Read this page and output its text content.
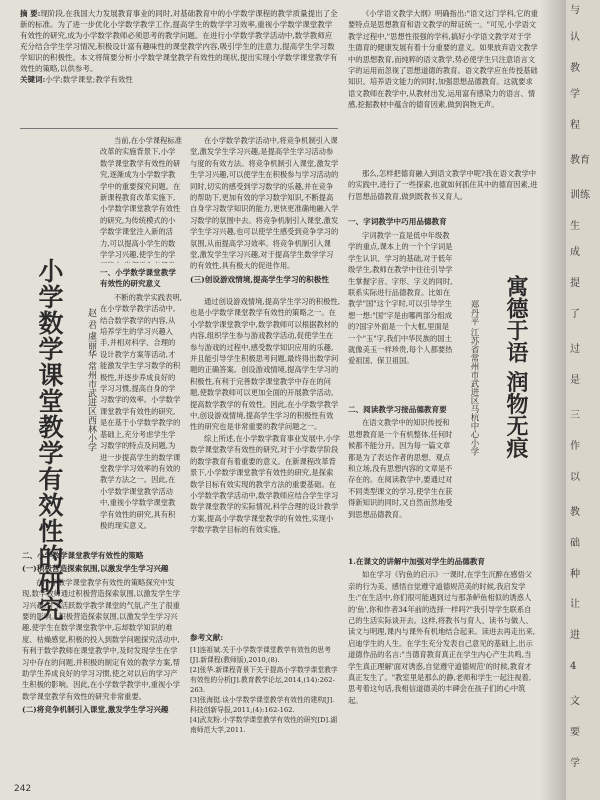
摘 要:现阶段,在我国大力发展教育事业的同时,对基础教育中的小学数学课程的教学质量提出了全新的标准。为了进一步优化小学数学教学工作,提高学生的数学学习效率,重视小学数学课堂教学有效性的研究,成为小学数学教师必须思考的教学问题。在进行小学数学教学活动中,数学教师应充分结合学生学习情况,积极设计富有趣味性的课堂教学内容,吸引学生的注意力,提高学生学习数学知识的积极性。本文将简要分析小学数学课堂教学有效性的现状,提出实现小学数学课堂教学有效性的策略,以供参考。

关键词:小学;数学课堂;教学有效性

当前,在小学课程标准改革的实施背景下,小学数学课堂教学有效性的研究,逐渐成为小学数学教学中的重要探究问题。在新课程教育改革实施下,小学数学课堂教学有效性的研究,为传统模式的小学数学课堂注入新的活力,可以提高小学生的数学学习兴趣,使学生的学

小学数学课堂教学有效性的研究	赵 君 虞丽华 常州市武进区西林小学
一、小学数学课堂教学有效性的研究意义

不断的教学实践表明,在小学数学教学活动中,结合数学教学的内容,从培养学生的学习兴趣入手,并相对科学、合理的设计教学方案等活动,才能激发学生学习数学的积极性,并逐步养成良好的学习习惯,提高自身的学习数学的效率。小学数学课堂教学有效性的研究,是在基于小学数学教学的基础上,充分考虑学生学习数学的特点及问题,为进一步提高学生的数学课堂教学学习效率的有效的教学方法之一。因此,在小学数学课堂教学活动中,重视小学数学课堂教学有效性的研究,具有积极的现实意义。

二、小学数学课堂教学有效性的策略
(一)积极营造探索氛围,以激发学生学习兴趣

在小学数学课堂教学有效性的策略探究中发现,数学教师通过积极营造探索氛围,以激发学生学习兴趣,对于活跃数学教学课堂的气氛,产生了很重要的影响。积极营造探索氛围,以激发学生学习兴趣,使学生在数学课堂教学中,忘却数学知识的难度、枯燥感觉,积极的投入到数学问题探究活动中,有利于数学教师在课堂教学中,及时发现学生在学习中存在的问题,并积极的制定有效的教学方案,帮助学生养成良好的学习习惯,使之对以后的学习产生积极的影响。因此,在小学数学教学中,重视小学数学课堂教学有效性的研究非常重要。

(二)将竞争机制引入课堂,激发学生学习兴趣

在小学数学教学活动中,将竞争机制引入课堂,激发学生学习兴趣,是提高学生学习活动参与度的有效方法。将竞争机制引入课堂,激发学生学习兴趣,可以使学生在积极参与学习活动的同时,切实的感受到学习数学的乐趣,并在竞争的帮助下,更加有效的学习数学知识,不断提高自身学习数学知识的能力,更快更准确地融入学习数学的氛围中去。将竞争机制引入课堂,激发学生学习兴趣,也可以使学生感受到竞争学习的氛围,从而提高学习效率。将竞争机制引入课堂,激发学生学习兴趣,对于提高学生数学学习的有效性,具有极大的促进作用。

(三)创设游戏情境,提高学生学习的积极性

通过创设游戏情境,提高学生学习的积极性,也是小学数学课堂教学有效性的策略之一。在小学数学课堂教学中,数学教师可以根据教材的内容,组织学生参与游戏教学活动,促使学生在参与游戏的过程中,感受数学知识应用的乐趣,并且能引导学生积极思考问题,最终得出数学问题的正确答案。创设游戏情境,提高学生学习的积极性,有利于完善数学课堂教学中存在的问题,使数学教师可以更加全面的开展教学活动,提高数学教学的有效性。因此,在小学数学教学中,创设游戏情境,提高学生学习的积极性有效性的研究也是非常重要的教学问题之一。

综上所述,在小学数学教育事业发展中,小学数学课堂教学有效性的研究,对于小学数学阶段的数学教育有着重要的意义。在新课程改革背景下,小学数学课堂教学有效性的研究,是探索数学目标有效实现的教学方法的重要基础。在小学数学教学活动中,数学教师应结合学生学习数学课堂教学的实际情况,科学合理的设计教学方案,提高小学数学课堂教学的有效性,实现小学数学教学目标的有效实施。

参考文献:

[1]连祖斌.关于小学数学课堂教学有效性的思考[J].新课程(教师版),2010,(8).

[2]张华.新课程背景下关于提高小学数学课堂教学有效性的分析[J].教育教学论坛,2014,(14):262-263.

[3]张海挺.谈小学数学课堂教学有效性的建构[J].科技创新导报,2011,(4):162-162.

[4]武友粉.小学数学课堂教学有效性的研究[D].湖南师范大学,2011.

《小学语文教学大纲》明确指出:"语文这门学科,它的重要特点是思想教育和语文教学的辩证统一。"可见,小学语文教学过程中,"思想性很强的学科,搞好小学语文教学对于学生德育的健康发展有着十分重要的意义。如果放弃语文教学中的思想教育,而纯粹的语文教学,势必使学生只注意语言文字的运用而忽视了思想道德的教育。语文教学应在传授基础知识、培养语文能力的同时,加强思想品德教育。这就要求语文教师在教学中,从教材出发,运用富有感染力的语言、情感,挖掘教材中蕴含的德育因素,做到润物无声。

那么,怎样把德育融入到语文教学中呢?我在语文教学中的实践中,进行了一些探索,也就如何抓住其中的德育因素,进行思想品德教育,做到既教书又育人。

一、字词教学中巧用品德教育

字词教学一直是低中年级教学的重点,课本上的一个个字词是学生认识、学习的基础,对于低年级学生,教师在教学中往往引导学生掌握字音、字形、字义的同时,联系实际进行品德教育。比如在教学"国"这个字时,可以引导学生想一想:"国"字是由哪两部分组成的?国字外面是一个大框,里面是一个"玉"字,我们中华民族的国土就像美玉一样珍贵,每个人都要热爱祖国、保卫祖国。	寓德于语 润物无痕
郑丹平 江苏省常州市武进区马杭中心小学
二、阅读教学习接品德教育要

在语文教学中的知识传授和思想教育是一个有机整体,任何时候都不能分开。因为每一篇文章都是为了表达作者的思想、观点和立场,没有思想内容的文章是不存在的。在阅读教学中,要通过对不同类型课文的学习,使学生在获得新知识的同时,又自然而然地受到思想品德教育。

1.在课文的讲解中加强对学生的品德教育

如在学习《钓鱼的启示》一课时,在学生沉醉在感悟父亲的行为美、感悟自觉遵守道德规范美的时候,我启发学生:"在生活中,你们很可能遇到过与那条鲈鱼相似的诱惑人的'鱼',你和作者34年前的选择一样吗?"我引导学生联系自己的生活实际谈开去。这样,将教书与育人、读书与做人、读文与明理,课内与课外有机地结合起来。读进去再走出来,启迪学生的人生。在学生充分发表自己意见的基础上,出示道德作品的名言:"当德育教育真正在学生内心产生共鸣,当学生真正理解'面对诱惑,自觉遵守道德规范'的时候,教育才真正发生了。"教室里是那么的静,老师和学生一起注视着,思考着这句话,我相信道德美的丰碑会在孩子们的心中筑起。

242

与

认

教

学

程

教育

训练

生

成

提

了

过

是

三

作

以

教

础

种

让

进

4

文

要

学
